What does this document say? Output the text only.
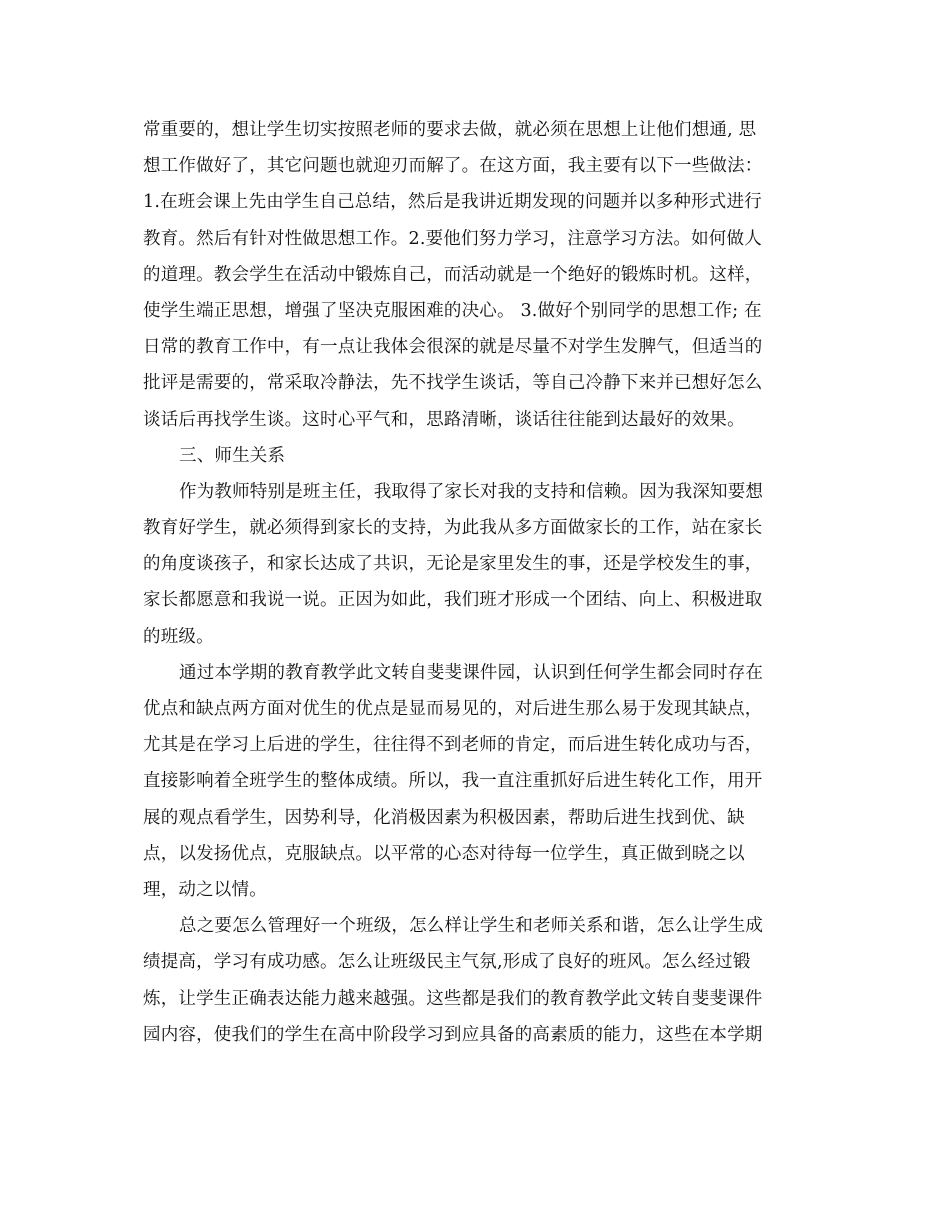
常重要的，想让学生切实按照老师的要求去做，就必须在思想上让他们想通, 思
想工作做好了，其它问题也就迎刃而解了。在这方面，我主要有以下一些做法：
1.在班会课上先由学生自己总结，然后是我讲近期发现的问题并以多种形式进行
教育。然后有针对性做思想工作。2.要他们努力学习，注意学习方法。如何做人
的道理。教会学生在活动中锻炼自己，而活动就是一个绝好的锻炼时机。这样，
使学生端正思想，增强了坚决克服困难的决心。 3.做好个别同学的思想工作; 在
日常的教育工作中，有一点让我体会很深的就是尽量不对学生发脾气，但适当的
批评是需要的，常采取冷静法，先不找学生谈话，等自己冷静下来并已想好怎么
谈话后再找学生谈。这时心平气和，思路清晰，谈话往往能到达最好的效果。
三、师生关系
作为教师特别是班主任，我取得了家长对我的支持和信赖。因为我深知要想
教育好学生，就必须得到家长的支持，为此我从多方面做家长的工作，站在家长
的角度谈孩子，和家长达成了共识，无论是家里发生的事，还是学校发生的事，
家长都愿意和我说一说。正因为如此，我们班才形成一个团结、向上、积极进取
的班级。
通过本学期的教育教学此文转自斐斐课件园，认识到任何学生都会同时存在
优点和缺点两方面对优生的优点是显而易见的，对后进生那么易于发现其缺点，
尤其是在学习上后进的学生，往往得不到老师的肯定，而后进生转化成功与否，
直接影响着全班学生的整体成绩。所以，我一直注重抓好后进生转化工作，用开
展的观点看学生，因势利导，化消极因素为积极因素，帮助后进生找到优、缺
点，以发扬优点，克服缺点。以平常的心态对待每一位学生，真正做到晓之以
理，动之以情。
总之要怎么管理好一个班级，怎么样让学生和老师关系和谐，怎么让学生成
绩提高，学习有成功感。怎么让班级民主气氛,形成了良好的班风。怎么经过锻
炼，让学生正确表达能力越来越强。这些都是我们的教育教学此文转自斐斐课件
园内容，使我们的学生在高中阶段学习到应具备的高素质的能力，这些在本学期
